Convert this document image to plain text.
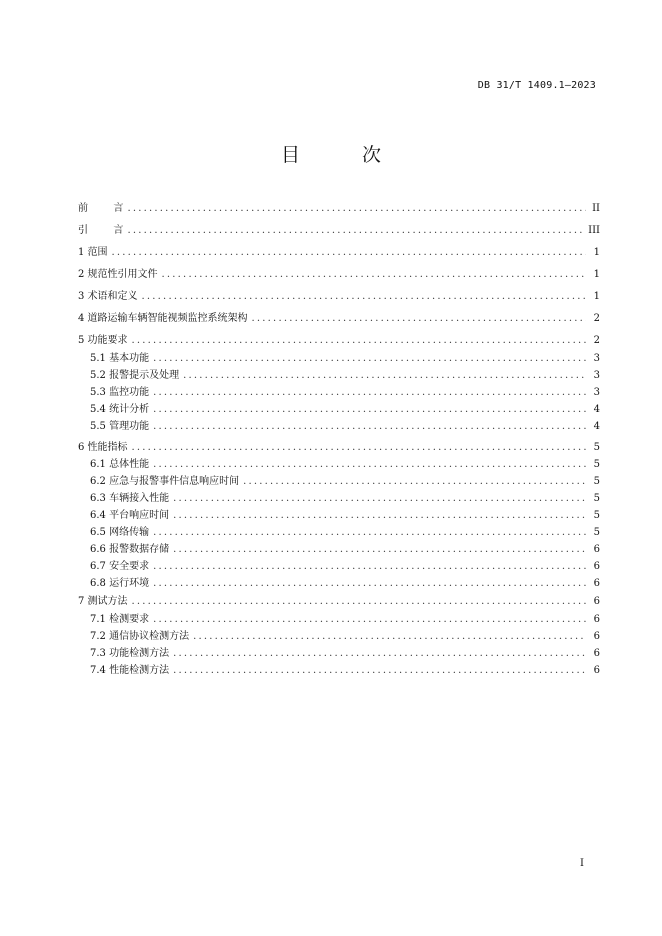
DB 31/T 1409.1—2023
目 次
前        言 .....	II
引        言 .....	III
1 范围 .....	1
2 规范性引用文件 .....	1
3 术语和定义 .....	1
4 道路运输车辆智能视频监控系统架构 .....	2
5 功能要求 .....	2
5.1 基本功能 .....	3
5.2 报警提示及处理 .....	3
5.3 监控功能 .....	3
5.4 统计分析 .....	4
5.5 管理功能 .....	4
6 性能指标 .....	5
6.1 总体性能 .....	5
6.2 应急与报警事件信息响应时间 .....	5
6.3 车辆接入性能 .....	5
6.4 平台响应时间 .....	5
6.5 网络传输 .....	5
6.6 报警数据存储 .....	6
6.7 安全要求 .....	6
6.8 运行环境 .....	6
7 测试方法 .....	6
7.1 检测要求 .....	6
7.2 通信协议检测方法 .....	6
7.3 功能检测方法 .....	6
7.4 性能检测方法 .....	6
I
